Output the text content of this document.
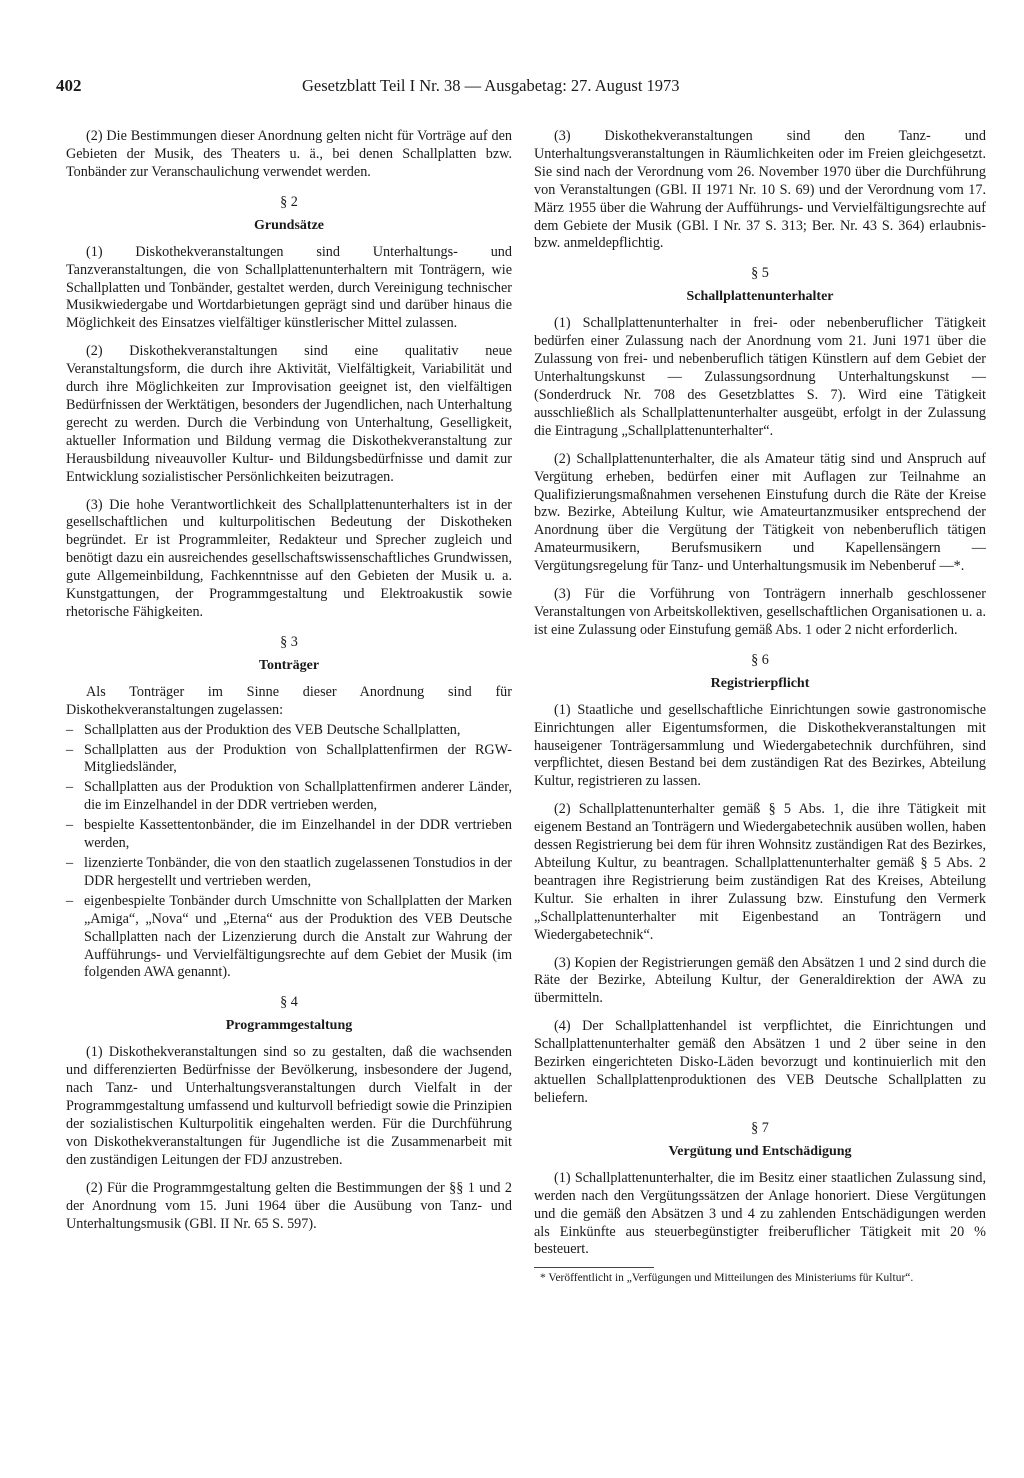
402	Gesetzblatt Teil I Nr. 38 — Ausgabetag: 27. August 1973

(2) Die Bestimmungen dieser Anordnung gelten nicht für Vorträge auf den Gebieten der Musik, des Theaters u. ä., bei denen Schallplatten bzw. Tonbänder zur Veranschaulichung verwendet werden.

§ 2
Grundsätze

(1) Diskothekveranstaltungen sind Unterhaltungs- und Tanzveranstaltungen, die von Schallplattenunterhaltern mit Tonträgern, wie Schallplatten und Tonbänder, gestaltet werden, durch Vereinigung technischer Musikwiedergabe und Wortdarbietungen geprägt sind und darüber hinaus die Möglichkeit des Einsatzes vielfältiger künstlerischer Mittel zulassen.

(2) Diskothekveranstaltungen sind eine qualitativ neue Veranstaltungsform, die durch ihre Aktivität, Vielfältigkeit, Variabilität und durch ihre Möglichkeiten zur Improvisation geeignet ist, den vielfältigen Bedürfnissen der Werktätigen, besonders der Jugendlichen, nach Unterhaltung gerecht zu werden. Durch die Verbindung von Unterhaltung, Geselligkeit, aktueller Information und Bildung vermag die Diskothekveranstaltung zur Herausbildung niveauvoller Kultur- und Bildungsbedürfnisse und damit zur Entwicklung sozialistischer Persönlichkeiten beizutragen.

(3) Die hohe Verantwortlichkeit des Schallplattenunterhalters ist in der gesellschaftlichen und kulturpolitischen Bedeutung der Diskotheken begründet. Er ist Programmleiter, Redakteur und Sprecher zugleich und benötigt dazu ein ausreichendes gesellschaftswissenschaftliches Grundwissen, gute Allgemeinbildung, Fachkenntnisse auf den Gebieten der Musik u. a. Kunstgattungen, der Programmgestaltung und Elektroakustik sowie rhetorische Fähigkeiten.

§ 3
Tonträger

Als Tonträger im Sinne dieser Anordnung sind für Diskothekveranstaltungen zugelassen:

– Schallplatten aus der Produktion des VEB Deutsche Schallplatten,
– Schallplatten aus der Produktion von Schallplattenfirmen der RGW-Mitgliedsländer,
– Schallplatten aus der Produktion von Schallplattenfirmen anderer Länder, die im Einzelhandel in der DDR vertrieben werden,
– bespielte Kassettentonbänder, die im Einzelhandel in der DDR vertrieben werden,
– lizenzierte Tonbänder, die von den staatlich zugelassenen Tonstudios in der DDR hergestellt und vertrieben werden,
– eigenbespielte Tonbänder durch Umschnitte von Schallplatten der Marken „Amiga“, „Nova“ und „Eterna“ aus der Produktion des VEB Deutsche Schallplatten nach der Lizenzierung durch die Anstalt zur Wahrung der Aufführungs- und Vervielfältigungsrechte auf dem Gebiet der Musik (im folgenden AWA genannt).
§ 4
Programmgestaltung

(1) Diskothekveranstaltungen sind so zu gestalten, daß die wachsenden und differenzierten Bedürfnisse der Bevölkerung, insbesondere der Jugend, nach Tanz- und Unterhaltungsveranstaltungen durch Vielfalt in der Programmgestaltung umfassend und kulturvoll befriedigt sowie die Prinzipien der sozialistischen Kulturpolitik eingehalten werden. Für die Durchführung von Diskothekveranstaltungen für Jugendliche ist die Zusammenarbeit mit den zuständigen Leitungen der FDJ anzustreben.

(2) Für die Programmgestaltung gelten die Bestimmungen der §§ 1 und 2 der Anordnung vom 15. Juni 1964 über die Ausübung von Tanz- und Unterhaltungsmusik (GBl. II Nr. 65 S. 597).

(3) Diskothekveranstaltungen sind den Tanz- und Unterhaltungsveranstaltungen in Räumlichkeiten oder im Freien gleichgesetzt. Sie sind nach der Verordnung vom 26. November 1970 über die Durchführung von Veranstaltungen (GBl. II 1971 Nr. 10 S. 69) und der Verordnung vom 17. März 1955 über die Wahrung der Aufführungs- und Vervielfältigungsrechte auf dem Gebiete der Musik (GBl. I Nr. 37 S. 313; Ber. Nr. 43 S. 364) erlaubnis- bzw. anmeldepflichtig.

§ 5
Schallplattenunterhalter

(1) Schallplattenunterhalter in frei- oder nebenberuflicher Tätigkeit bedürfen einer Zulassung nach der Anordnung vom 21. Juni 1971 über die Zulassung von frei- und nebenberuflich tätigen Künstlern auf dem Gebiet der Unterhaltungskunst — Zulassungsordnung Unterhaltungskunst — (Sonderdruck Nr. 708 des Gesetzblattes S. 7). Wird eine Tätigkeit ausschließlich als Schallplattenunterhalter ausgeübt, erfolgt in der Zulassung die Eintragung „Schallplattenunterhalter“.

(2) Schallplattenunterhalter, die als Amateur tätig sind und Anspruch auf Vergütung erheben, bedürfen einer mit Auflagen zur Teilnahme an Qualifizierungsmaßnahmen versehenen Einstufung durch die Räte der Kreise bzw. Bezirke, Abteilung Kultur, wie Amateurtanzmusiker entsprechend der Anordnung über die Vergütung der Tätigkeit von nebenberuflich tätigen Amateurmusikern, Berufsmusikern und Kapellensängern — Vergütungsregelung für Tanz- und Unterhaltungsmusik im Nebenberuf —*.

(3) Für die Vorführung von Tonträgern innerhalb geschlossener Veranstaltungen von Arbeitskollektiven, gesellschaftlichen Organisationen u. a. ist eine Zulassung oder Einstufung gemäß Abs. 1 oder 2 nicht erforderlich.

§ 6
Registrierpflicht

(1) Staatliche und gesellschaftliche Einrichtungen sowie gastronomische Einrichtungen aller Eigentumsformen, die Diskothekveranstaltungen mit hauseigener Tonträgersammlung und Wiedergabetechnik durchführen, sind verpflichtet, diesen Bestand bei dem zuständigen Rat des Bezirkes, Abteilung Kultur, registrieren zu lassen.

(2) Schallplattenunterhalter gemäß § 5 Abs. 1, die ihre Tätigkeit mit eigenem Bestand an Tonträgern und Wiedergabetechnik ausüben wollen, haben dessen Registrierung bei dem für ihren Wohnsitz zuständigen Rat des Bezirkes, Abteilung Kultur, zu beantragen. Schallplattenunterhalter gemäß § 5 Abs. 2 beantragen ihre Registrierung beim zuständigen Rat des Kreises, Abteilung Kultur. Sie erhalten in ihrer Zulassung bzw. Einstufung den Vermerk „Schallplattenunterhalter mit Eigenbestand an Tonträgern und Wiedergabetechnik“.

(3) Kopien der Registrierungen gemäß den Absätzen 1 und 2 sind durch die Räte der Bezirke, Abteilung Kultur, der Generaldirektion der AWA zu übermitteln.

(4) Der Schallplattenhandel ist verpflichtet, die Einrichtungen und Schallplattenunterhalter gemäß den Absätzen 1 und 2 über seine in den Bezirken eingerichteten Disko-Läden bevorzugt und kontinuierlich mit den aktuellen Schallplattenproduktionen des VEB Deutsche Schallplatten zu beliefern.

§ 7
Vergütung und Entschädigung

(1) Schallplattenunterhalter, die im Besitz einer staatlichen Zulassung sind, werden nach den Vergütungssätzen der Anlage honoriert. Diese Vergütungen und die gemäß den Absätzen 3 und 4 zu zahlenden Entschädigungen werden als Einkünfte aus steuerbegünstigter freiberuflicher Tätigkeit mit 20 % besteuert.

* Veröffentlicht in „Verfügungen und Mitteilungen des Ministeriums für Kultur“.
